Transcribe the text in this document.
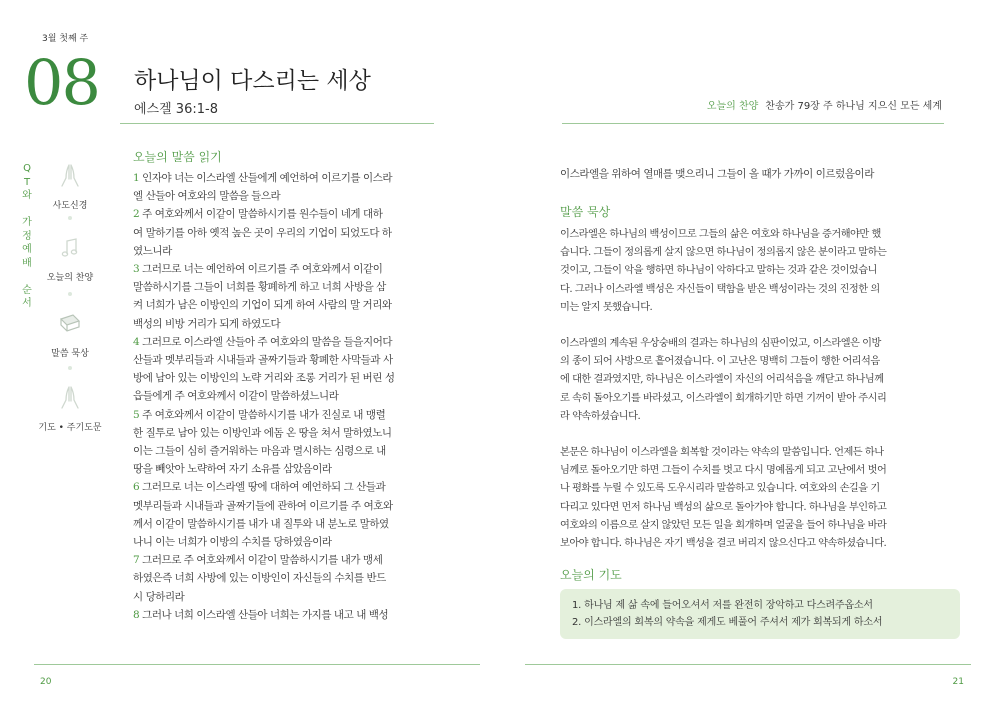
3월 첫째 주
08 하나님이 다스리는 세상
에스겔 36:1-8	오늘의 찬양 찬송가 79장 주 하나님 지으신 모든 세계
Q
T
와
가
정
예
배
순
서
사도신경
오늘의 찬양
말씀 묵상
기도 • 주기도문
오늘의 말씀 읽기
1 인자야 너는 이스라엘 산들에게 예언하여 이르기를 이스라
엘 산들아 여호와의 말씀을 들으라
2 주 여호와께서 이같이 말씀하시기를 원수들이 네게 대하
여 말하기를 아하 옛적 높은 곳이 우리의 기업이 되었도다 하
였느니라
3 그러므로 너는 예언하여 이르기를 주 여호와께서 이같이
말씀하시기를 그들이 너희를 황폐하게 하고 너희 사방을 삼
켜 너희가 남은 이방인의 기업이 되게 하여 사람의 말 거리와
백성의 비방 거리가 되게 하였도다
4 그러므로 이스라엘 산들아 주 여호와의 말씀을 들을지어다
산들과 멧부리들과 시내들과 골짜기들과 황폐한 사막들과 사
방에 남아 있는 이방인의 노략 거리와 조롱 거리가 된 버린 성
읍들에게 주 여호와께서 이같이 말씀하셨느니라
5 주 여호와께서 이같이 말씀하시기를 내가 진실로 내 맹렬
한 질투로 남아 있는 이방인과 에돔 온 땅을 쳐서 말하였노니
이는 그들이 심히 즐거워하는 마음과 멸시하는 심령으로 내
땅을 빼앗아 노략하여 자기 소유를 삼았음이라
6 그러므로 너는 이스라엘 땅에 대하여 예언하되 그 산들과
멧부리들과 시내들과 골짜기들에 관하여 이르기를 주 여호와
께서 이같이 말씀하시기를 내가 내 질투와 내 분노로 말하였
나니 이는 너희가 이방의 수치를 당하였음이라
7 그러므로 주 여호와께서 이같이 말씀하시기를 내가 맹세
하였은즉 너희 사방에 있는 이방인이 자신들의 수치를 반드
시 당하리라
8 그러나 너희 이스라엘 산들아 너희는 가지를 내고 내 백성
이스라엘을 위하여 열매를 맺으리니 그들이 올 때가 가까이 이르렀음이라
말씀 묵상
이스라엘은 하나님의 백성이므로 그들의 삶은 여호와 하나님을 증거해야만 했
습니다. 그들이 정의롭게 살지 않으면 하나님이 정의롭지 않은 분이라고 말하는
것이고, 그들이 악을 행하면 하나님이 악하다고 말하는 것과 같은 것이었습니
다. 그러나 이스라엘 백성은 자신들이 택함을 받은 백성이라는 것의 진정한 의
미는 알지 못했습니다.
이스라엘의 계속된 우상숭배의 결과는 하나님의 심판이었고, 이스라엘은 이방
의 종이 되어 사방으로 흩어졌습니다. 이 고난은 명백히 그들이 행한 어리석음
에 대한 결과였지만, 하나님은 이스라엘이 자신의 어리석음을 깨닫고 하나님께
로 속히 돌아오기를 바라셨고, 이스라엘이 회개하기만 하면 기꺼이 받아 주시리
라 약속하셨습니다.
본문은 하나님이 이스라엘을 회복할 것이라는 약속의 말씀입니다. 언제든 하나
님께로 돌아오기만 하면 그들이 수치를 벗고 다시 명예롭게 되고 고난에서 벗어
나 평화를 누릴 수 있도록 도우시리라 말씀하고 있습니다. 여호와의 손길을 기
다리고 있다면 먼저 하나님 백성의 삶으로 돌아가야 합니다. 하나님을 부인하고
여호와의 이름으로 살지 않았던 모든 일을 회개하며 얼굴을 들어 하나님을 바라
보아야 합니다. 하나님은 자기 백성을 결코 버리지 않으신다고 약속하셨습니다.
오늘의 기도
1. 하나님 제 삶 속에 들어오셔서 저를 완전히 장악하고 다스려주옵소서
2. 이스라엘의 회복의 약속을 제게도 베풀어 주셔서 제가 회복되게 하소서
20	21
